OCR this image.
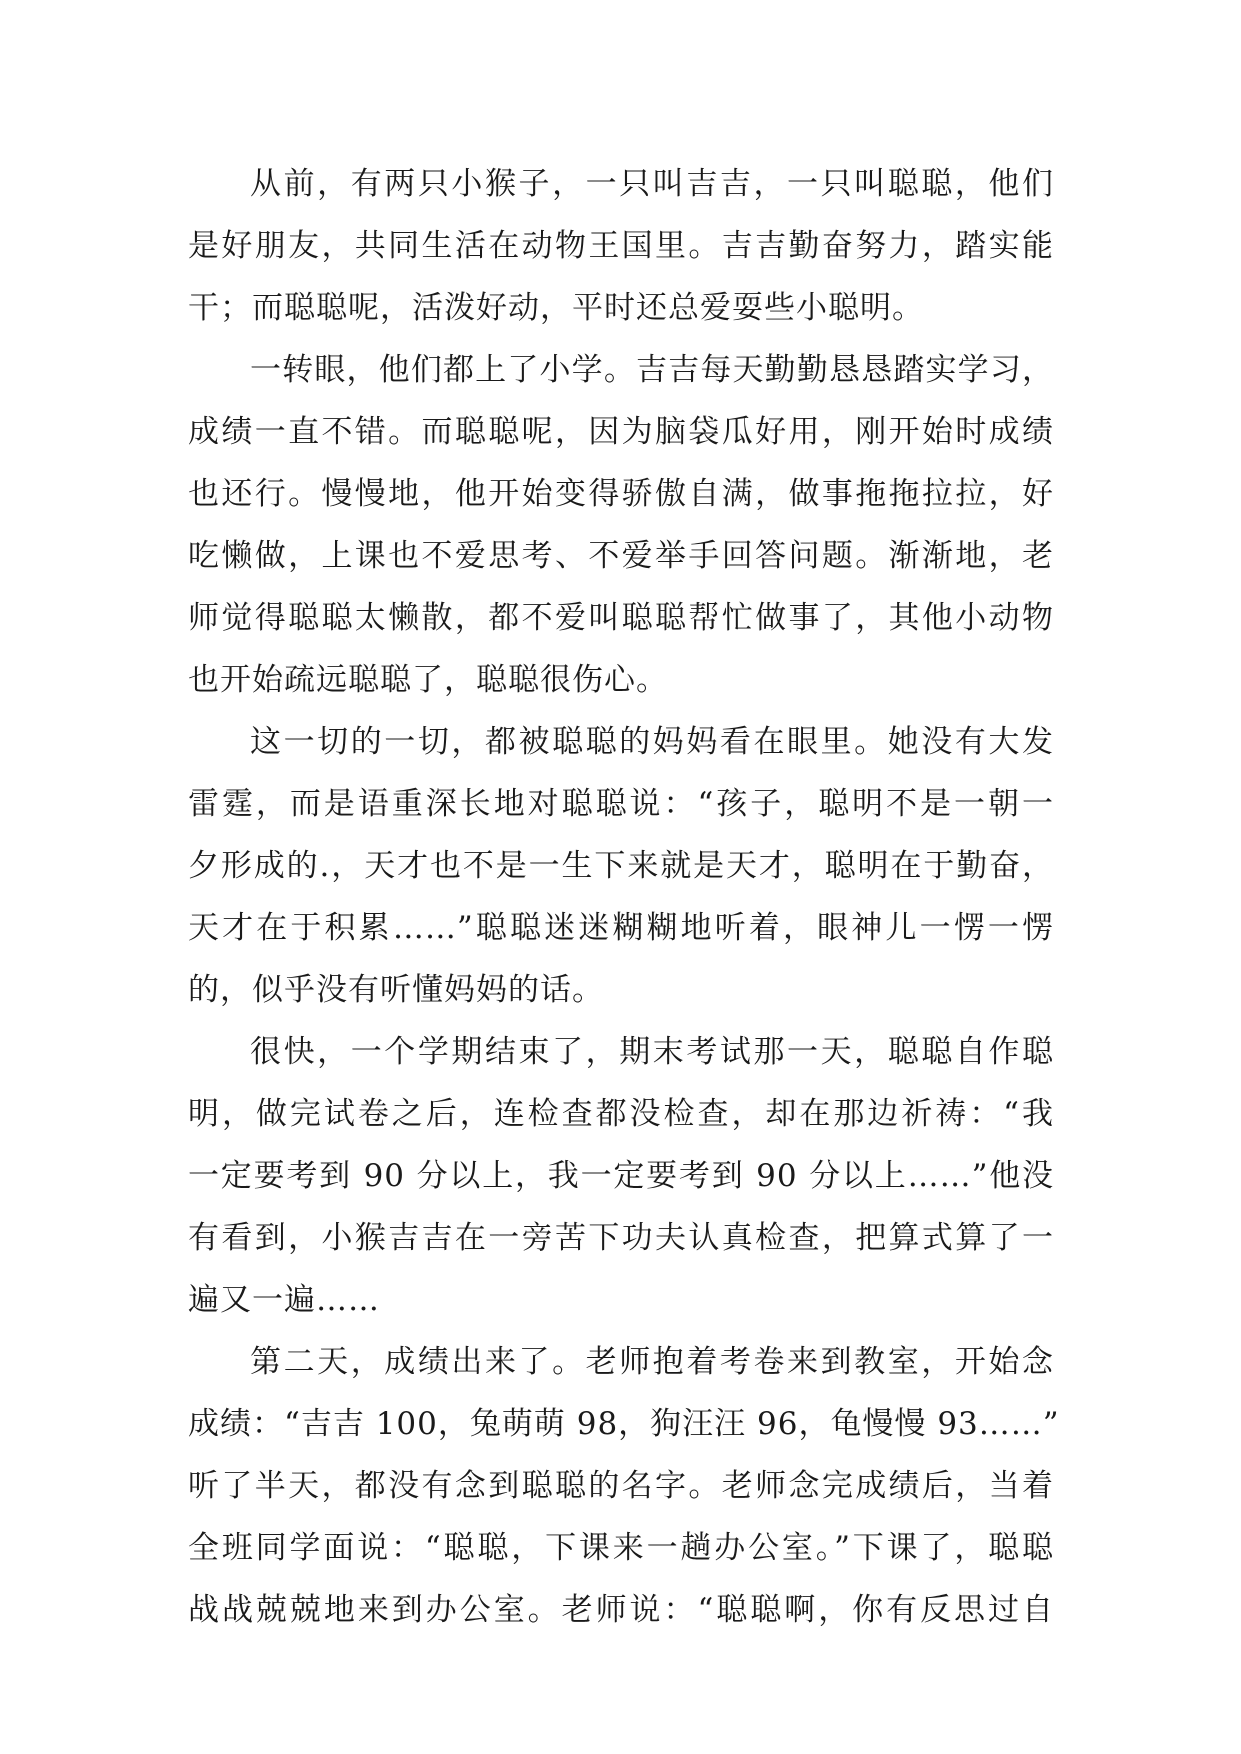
从前，有两只小猴子，一只叫吉吉，一只叫聪聪，他们
是好朋友，共同生活在动物王国里。吉吉勤奋努力，踏实能
干；而聪聪呢，活泼好动，平时还总爱耍些小聪明。
一转眼，他们都上了小学。吉吉每天勤勤恳恳踏实学习，
成绩一直不错。而聪聪呢，因为脑袋瓜好用，刚开始时成绩
也还行。慢慢地，他开始变得骄傲自满，做事拖拖拉拉，好
吃懒做，上课也不爱思考、不爱举手回答问题。渐渐地，老
师觉得聪聪太懒散，都不爱叫聪聪帮忙做事了，其他小动物
也开始疏远聪聪了，聪聪很伤心。
这一切的一切，都被聪聪的妈妈看在眼里。她没有大发
雷霆，而是语重深长地对聪聪说：“孩子，聪明不是一朝一
夕形成的.，天才也不是一生下来就是天才，聪明在于勤奋，
天才在于积累……”聪聪迷迷糊糊地听着，眼神儿一愣一愣
的，似乎没有听懂妈妈的话。
很快，一个学期结束了，期末考试那一天，聪聪自作聪
明，做完试卷之后，连检查都没检查，却在那边祈祷：“我
一定要考到 90 分以上，我一定要考到 90 分以上……”他没
有看到，小猴吉吉在一旁苦下功夫认真检查，把算式算了一
遍又一遍……
第二天，成绩出来了。老师抱着考卷来到教室，开始念
成绩：“吉吉 100，兔萌萌 98，狗汪汪 96，龟慢慢 93……”
听了半天，都没有念到聪聪的名字。老师念完成绩后，当着
全班同学面说：“聪聪，下课来一趟办公室。”下课了，聪聪
战战兢兢地来到办公室。老师说：“聪聪啊，你有反思过自
